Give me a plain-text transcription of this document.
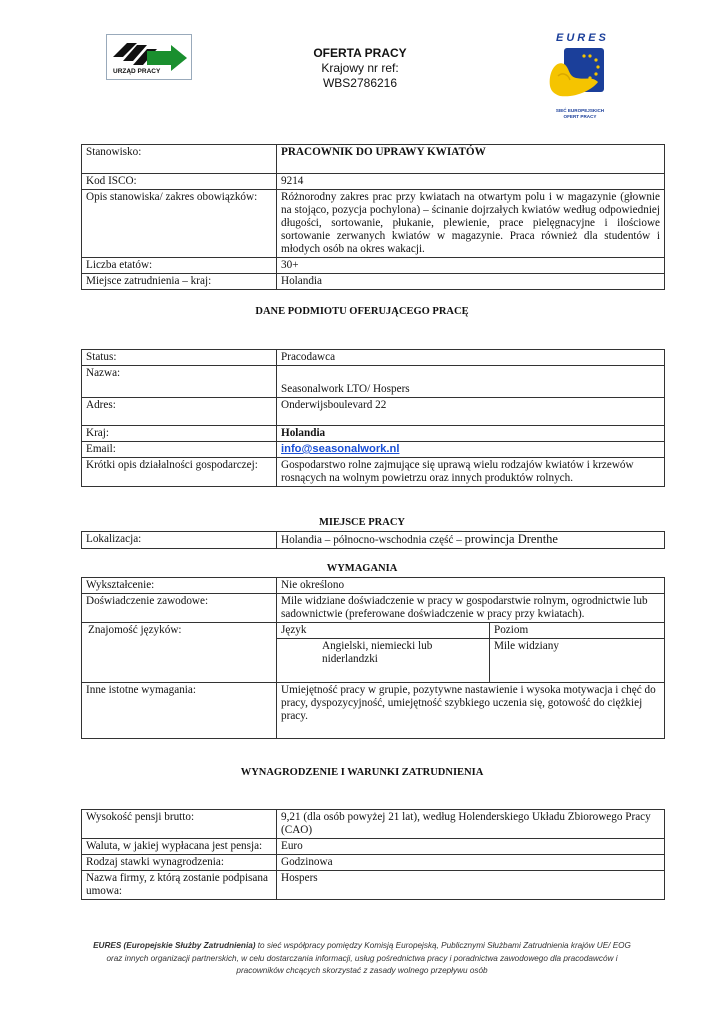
URZĄD PRACY
OFERTA PRACY
Krajowy nr ref:
WBS2786216
EURES
SIEĆ EUROPEJSKICH
OFERT PRACY
Stanowisko:	PRACOWNIK DO UPRAWY KWIATÓW
Kod ISCO:	9214
Opis stanowiska/ zakres obowiązków:	Różnorodny zakres prac przy kwiatach na otwartym polu i w magazynie (głownie na stojąco, pozycja pochylona) – ścinanie dojrzałych kwiatów według odpowiedniej długości, sortowanie, płukanie, plewienie, prace pielęgnacyjne i ilościowe sortowanie zerwanych kwiatów w magazynie. Praca również dla studentów i młodych osób na okres wakacji.
Liczba etatów:	30+
Miejsce zatrudnienia – kraj:	Holandia
DANE PODMIOTU OFERUJĄCEGO PRACĘ
Status:	Pracodawca
Nazwa:	Seasonalwork LTO/ Hospers
Adres:	Onderwijsboulevard 22
Kraj:	Holandia
Email:	info@seasonalwork.nl
Krótki opis działalności gospodarczej:	Gospodarstwo rolne zajmujące się uprawą wielu rodzajów kwiatów i krzewów rosnących na wolnym powietrzu oraz innych produktów rolnych.
MIEJSCE PRACY
Lokalizacja:	Holandia – północno-wschodnia część – prowincja Drenthe
WYMAGANIA
Wykształcenie:	Nie określono	
Doświadczenie zawodowe:	Mile widziane doświadczenie w pracy w gospodarstwie rolnym, ogrodnictwie lub sadownictwie (preferowane doświadczenie w pracy przy kwiatach).	
Znajomość języków:	Język	Poziom
	Angielski, niemiecki lub niderlandzki	Mile widziany
Inne istotne wymagania:	Umiejętność pracy w grupie, pozytywne nastawienie i wysoka motywacja i chęć do pracy, dyspozycyjność, umiejętność szybkiego uczenia się, gotowość do ciężkiej pracy.	
WYNAGRODZENIE I WARUNKI ZATRUDNIENIA
Wysokość pensji brutto:	9,21 (dla osób powyżej 21 lat), według Holenderskiego Układu Zbiorowego Pracy (CAO)
Waluta, w jakiej wypłacana jest pensja:	Euro
Rodzaj stawki wynagrodzenia:	Godzinowa
Nazwa firmy, z którą zostanie podpisana umowa:	Hospers
EURES (Europejskie Służby Zatrudnienia) to sieć współpracy pomiędzy Komisją Europejską, Publicznymi Służbami Zatrudnienia krajów UE/ EOG
oraz innych organizacji partnerskich, w celu dostarczania informacji, usług pośrednictwa pracy i poradnictwa zawodowego dla pracodawców i
pracowników chcących skorzystać z zasady wolnego przepływu osób
